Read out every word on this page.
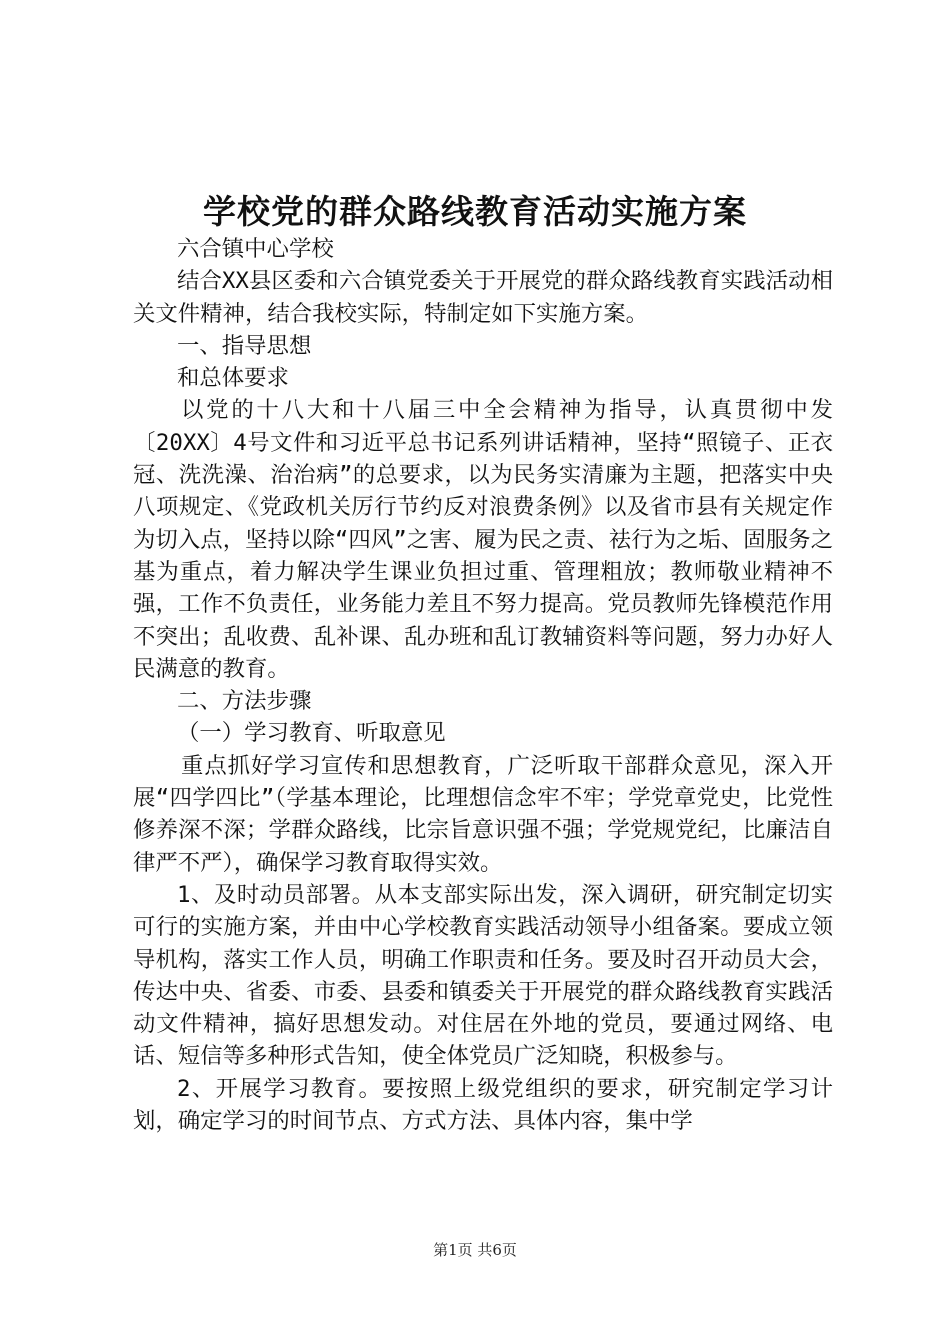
学校党的群众路线教育活动实施方案

六合镇中心学校

结合XX县区委和六合镇党委关于开展党的群众路线教育实践活动相关文件精神，结合我校实际，特制定如下实施方案。

一、指导思想

和总体要求

以党的十八大和十八届三中全会精神为指导，认真贯彻中发〔20XX〕4号文件和习近平总书记系列讲话精神，坚持“照镜子、正衣冠、洗洗澡、治治病”的总要求，以为民务实清廉为主题，把落实中央八项规定、《党政机关厉行节约反对浪费条例》以及省市县有关规定作为切入点，坚持以除“四风”之害、履为民之责、祛行为之垢、固服务之基为重点，着力解决学生课业负担过重、管理粗放；教师敬业精神不强，工作不负责任，业务能力差且不努力提高。党员教师先锋模范作用不突出；乱收费、乱补课、乱办班和乱订教辅资料等问题，努力办好人民满意的教育。

二、方法步骤

（一）学习教育、听取意见

重点抓好学习宣传和思想教育，广泛听取干部群众意见，深入开展“四学四比”（学基本理论，比理想信念牢不牢；学党章党史，比党性修养深不深；学群众路线，比宗旨意识强不强；学党规党纪，比廉洁自律严不严），确保学习教育取得实效。

1、及时动员部署。从本支部实际出发，深入调研，研究制定切实可行的实施方案，并由中心学校教育实践活动领导小组备案。要成立领导机构，落实工作人员，明确工作职责和任务。要及时召开动员大会，传达中央、省委、市委、县委和镇委关于开展党的群众路线教育实践活动文件精神，搞好思想发动。对住居在外地的党员，要通过网络、电话、短信等多种形式告知，使全体党员广泛知晓，积极参与。

2、开展学习教育。要按照上级党组织的要求，研究制定学习计划，确定学习的时间节点、方式方法、具体内容，集中学

第1页 共6页
